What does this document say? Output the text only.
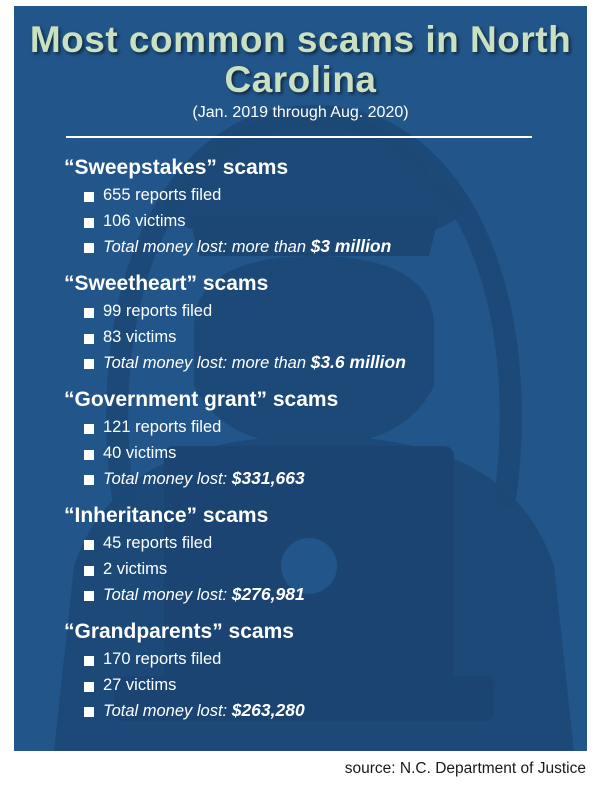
Most common scams in North Carolina
(Jan. 2019 through Aug. 2020)
“Sweepstakes” scams
655 reports filed
106 victims
Total money lost: more than $3 million
“Sweetheart” scams
99 reports filed
83 victims
Total money lost: more than $3.6 million
“Government grant” scams
121 reports filed
40 victims
Total money lost: $331,663
“Inheritance” scams
45 reports filed
2 victims
Total money lost: $276,981
“Grandparents” scams
170 reports filed
27 victims
Total money lost: $263,280
source: N.C. Department of Justice
